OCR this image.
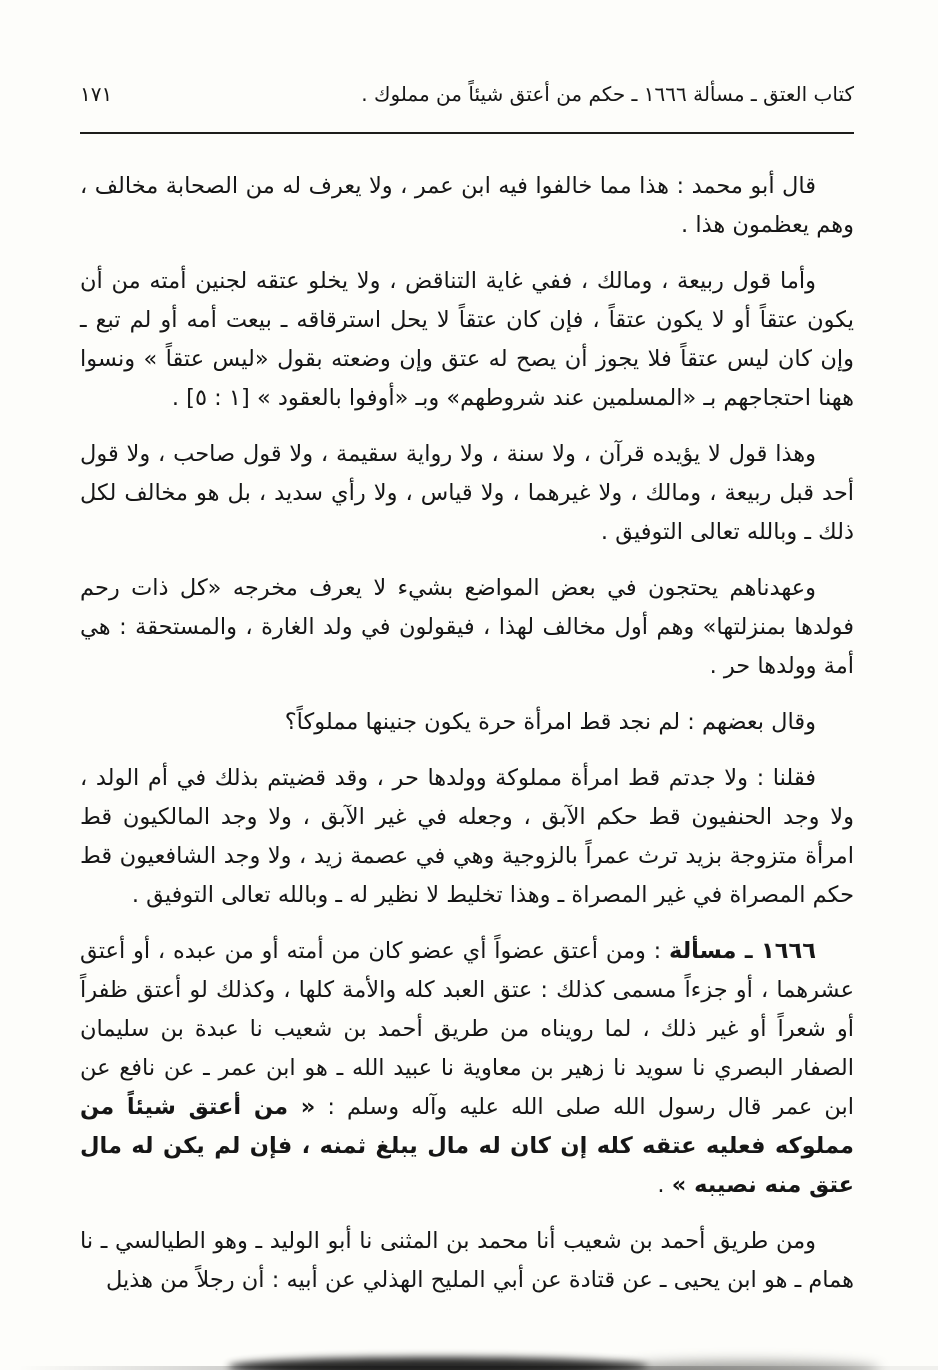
كتاب العتق ـ مسألة ١٦٦٦ ـ حكم من أعتق شيئاً من مملوك .
١٧١
قال أبو محمد : هذا مما خالفوا فيه ابن عمر ، ولا يعرف له من الصحابة مخالف ، وهم يعظمون هذا .
وأما قول ربيعة ، ومالك ، ففي غاية التناقض ، ولا يخلو عتقه لجنين أمته من أن يكون عتقاً أو لا يكون عتقاً ، فإن كان عتقاً لا يحل استرقاقه ـ بيعت أمه أو لم تبع ـ وإن كان ليس عتقاً فلا يجوز أن يصح له عتق وإن وضعته بقول «ليس عتقاً » ونسوا ههنا احتجاجهم بـ «المسلمين عند شروطهم» وبـ «أوفوا بالعقود » [١ : ٥] .
وهذا قول لا يؤيده قرآن ، ولا سنة ، ولا رواية سقيمة ، ولا قول صاحب ، ولا قول أحد قبل ربيعة ، ومالك ، ولا غيرهما ، ولا قياس ، ولا رأي سديد ، بل هو مخالف لكل ذلك ـ وبالله تعالى التوفيق .
وعهدناهم يحتجون في بعض المواضع بشيء لا يعرف مخرجه «كل ذات رحم فولدها بمنزلتها» وهم أول مخالف لهذا ، فيقولون في ولد الغارة ، والمستحقة : هي أمة وولدها حر .
وقال بعضهم : لم نجد قط امرأة حرة يكون جنينها مملوكاً؟
فقلنا : ولا جدتم قط امرأة مملوكة وولدها حر ، وقد قضيتم بذلك في أم الولد ، ولا وجد الحنفيون قط حكم الآبق ، وجعله في غير الآبق ، ولا وجد المالكيون قط امرأة متزوجة بزيد ترث عمراً بالزوجية وهي في عصمة زيد ، ولا وجد الشافعيون قط حكم المصراة في غير المصراة ـ وهذا تخليط لا نظير له ـ وبالله تعالى التوفيق .
١٦٦٦ ـ مسألة : ومن أعتق عضواً أي عضو كان من أمته أو من عبده ، أو أعتق عشرهما ، أو جزءاً مسمى كذلك : عتق العبد كله والأمة كلها ، وكذلك لو أعتق ظفراً أو شعراً أو غير ذلك ، لما رويناه من طريق أحمد بن شعيب نا عبدة بن سليمان الصفار البصري نا سويد نا زهير بن معاوية نا عبيد الله ـ هو ابن عمر ـ عن نافع عن ابن عمر قال رسول الله صلى الله عليه وآله وسلم : « من أعتق شيئاً من مملوكه فعليه عتقه كله إن كان له مال يبلغ ثمنه ، فإن لم يكن له مال عتق منه نصيبه » .
ومن طريق أحمد بن شعيب أنا محمد بن المثنى نا أبو الوليد ـ وهو الطيالسي ـ نا همام ـ هو ابن يحيى ـ عن قتادة عن أبي المليح الهذلي عن أبيه : أن رجلاً من هذيل
